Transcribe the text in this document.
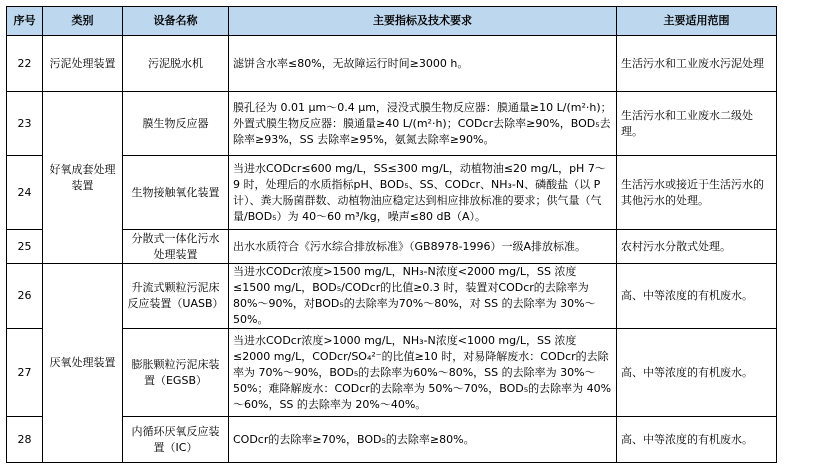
序号	类别	设备名称	主要指标及技术要求	主要适用范围
22	污泥处理装置	污泥脱水机	滤饼含水率≤80%，无故障运行时间≥3000 h。	生活污水和工业废水污泥处理
23	好氧成套处理装置	膜生物反应器	膜孔径为 0.01 μm～0.4 μm，浸没式膜生物反应器：膜通量≥10 L/(m²·h)；外置式膜生物反应器：膜通量≥40 L/(m²·h)；CODcr去除率≥90%，BOD₅去除率≥93%，SS 去除率≥95%，氨氮去除率≥90%。	生活污水和工业废水二级处理。
24		生物接触氧化装置	当进水CODcr≤600 mg/L，SS≤300 mg/L，动植物油≤20 mg/L，pH 7～9 时，处理后的水质指标pH、BOD₅、SS、CODcr、NH₃-N、磷酸盐（以 P 计）、粪大肠菌群数、动植物油应稳定达到相应排放标准的要求；供气量（气量/BOD₅）为 40～60 m³/kg，噪声≤80 dB（A）。	生活污水或接近于生活污水的其他污水的处理。
25		分散式一体化污水处理装置	出水水质符合《污水综合排放标准》（GB8978-1996）一级A排放标准。	农村污水分散式处理。
26	厌氧处理装置	升流式颗粒污泥床反应装置（UASB）	当进水CODcr浓度>1500 mg/L，NH₃-N浓度<2000 mg/L，SS 浓度≤1500 mg/L，BOD₅/CODcr的比值≥0.3 时，装置对CODcr的去除率为 80%～90%，对BOD₅的去除率为70%～80%，对 SS 的去除率为 30%～50%。	高、中等浓度的有机废水。
27		膨胀颗粒污泥床装置（EGSB）	当进水CODcr浓度>1000 mg/L，NH₃-N浓度<1000 mg/L，SS 浓度≤2000 mg/L，CODcr/SO₄²⁻的比值≥10 时，对易降解废水：CODcr的去除率为 70%～90%，BOD₅的去除率为60%～80%，SS 的去除率为 30%～50%；难降解废水：CODcr的去除率为 50%～70%，BOD₅的去除率为 40%～60%，SS 的去除率为 20%～40%。	高、中等浓度的有机废水。
28		内循环厌氧反应装置（IC）	CODcr的去除率≥70%，BOD₅的去除率≥80%。	高、中等浓度的有机废水。
